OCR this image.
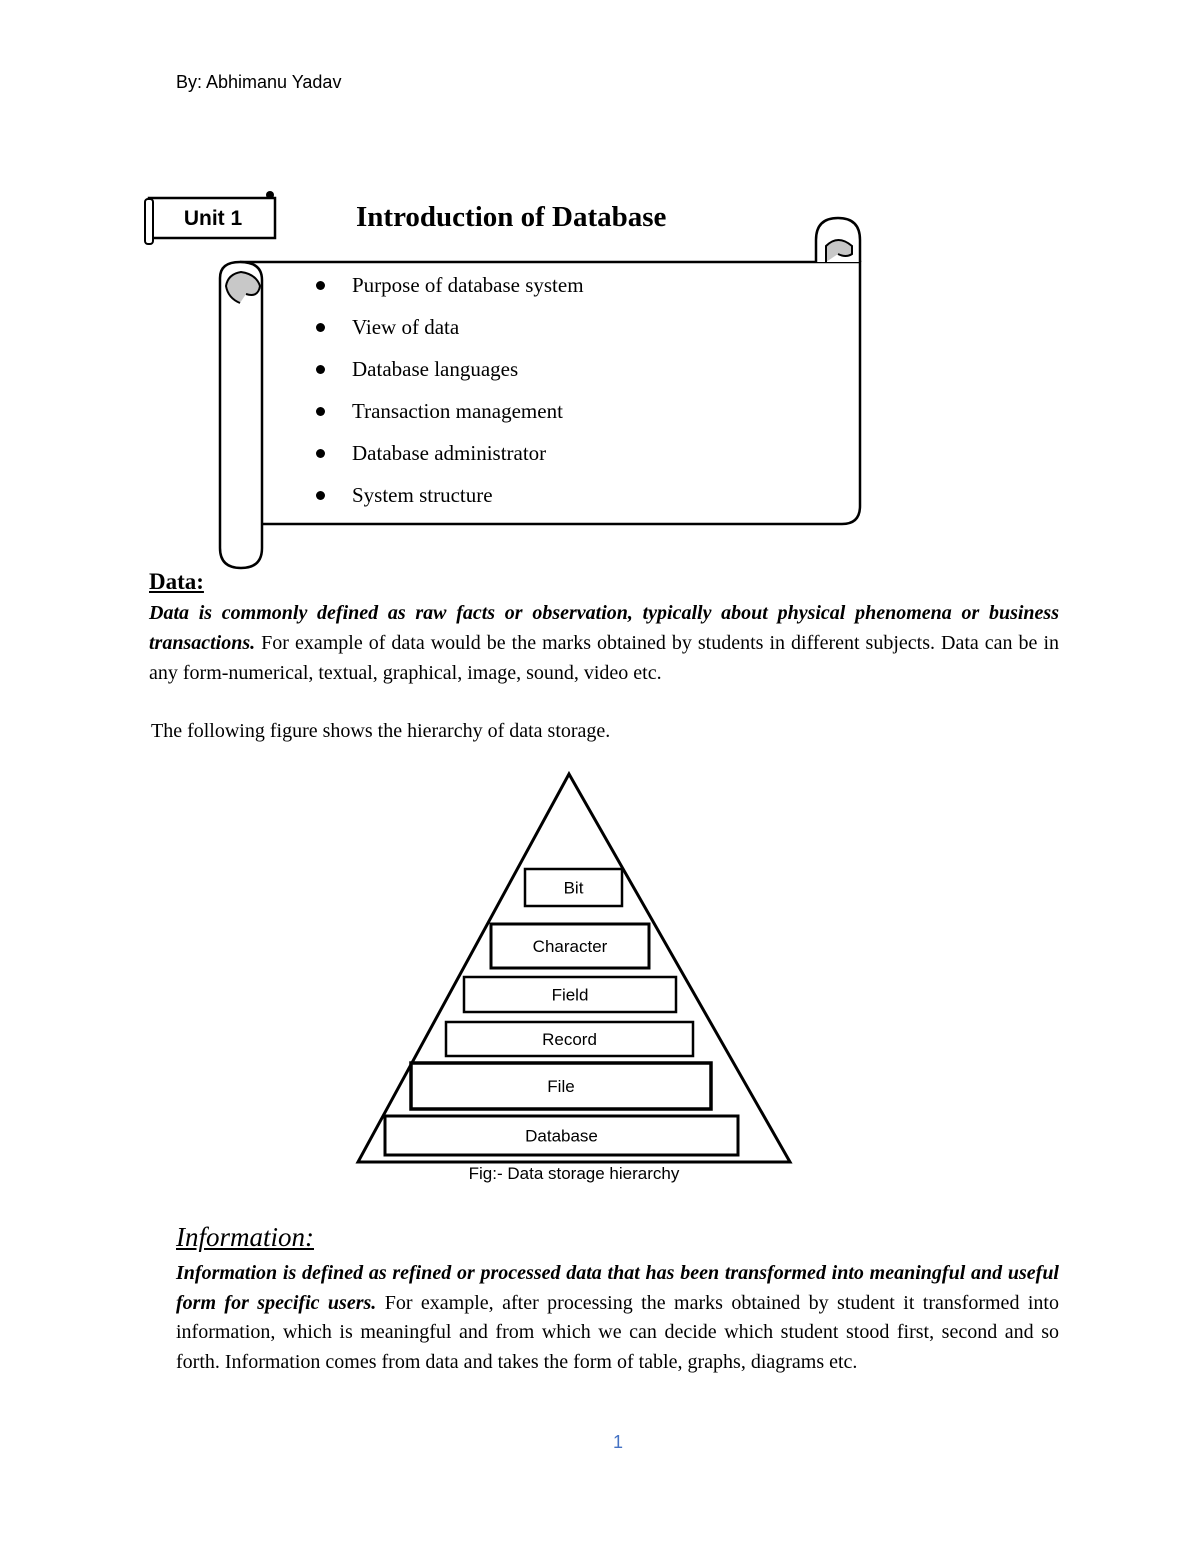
By: Abhimanu Yadav
Unit 1	Introduction of Database
Purpose of database system
View of data
Database languages
Transaction management
Database administrator
System structure
Data:
Data is commonly defined as raw facts or observation, typically about physical phenomena or business transactions. For example of data would be the marks obtained by students in different subjects. Data can be in any form-numerical, textual, graphical, image, sound, video etc.
The following figure shows the hierarchy of data storage.
Bit
Character
Field
Record
File
Database
Fig:- Data storage hierarchy
Information:
Information is defined as refined or processed data that has been transformed into meaningful and useful form for specific users. For example, after processing the marks obtained by student it transformed into information, which is meaningful and from which we can decide which student stood first, second and so forth. Information comes from data and takes the form of table, graphs, diagrams etc.
1
